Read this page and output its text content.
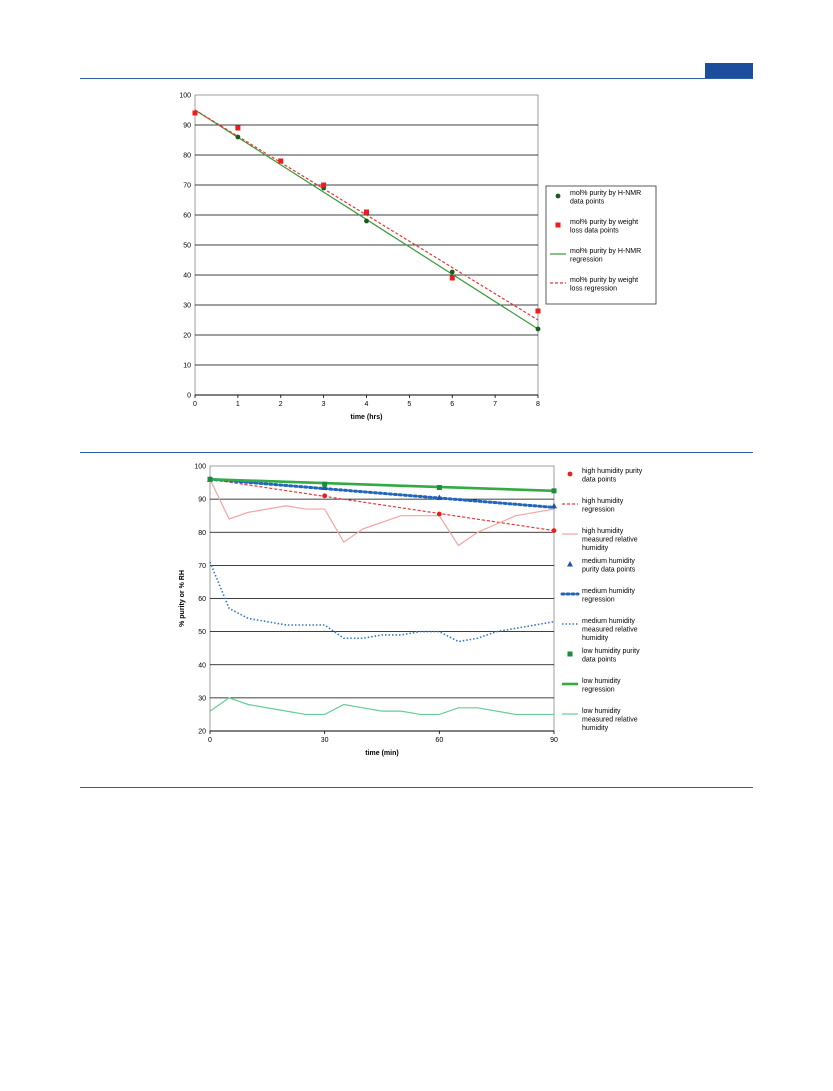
0
10
20
30
40
50
60
70
80
90
100
0	1	2	3	4	5	6	7	8
time (hrs)
mol% purity by H-NMR data points
mol% purity by weight loss data points
mol% purity by H-NMR regression
mol% purity by weight loss regression
20
30
40
50
60
70
80
90
100
0	30	60	90
time (min)
% purity or % RH
high humidity purity data points
high humidity regression
high humidity measured relative humidity
medium humidity purity data points
medium humidity regression
medium humidity measured relative humidity
low humidity purity data points
low humidity regression
low humidity measured relative humidity
